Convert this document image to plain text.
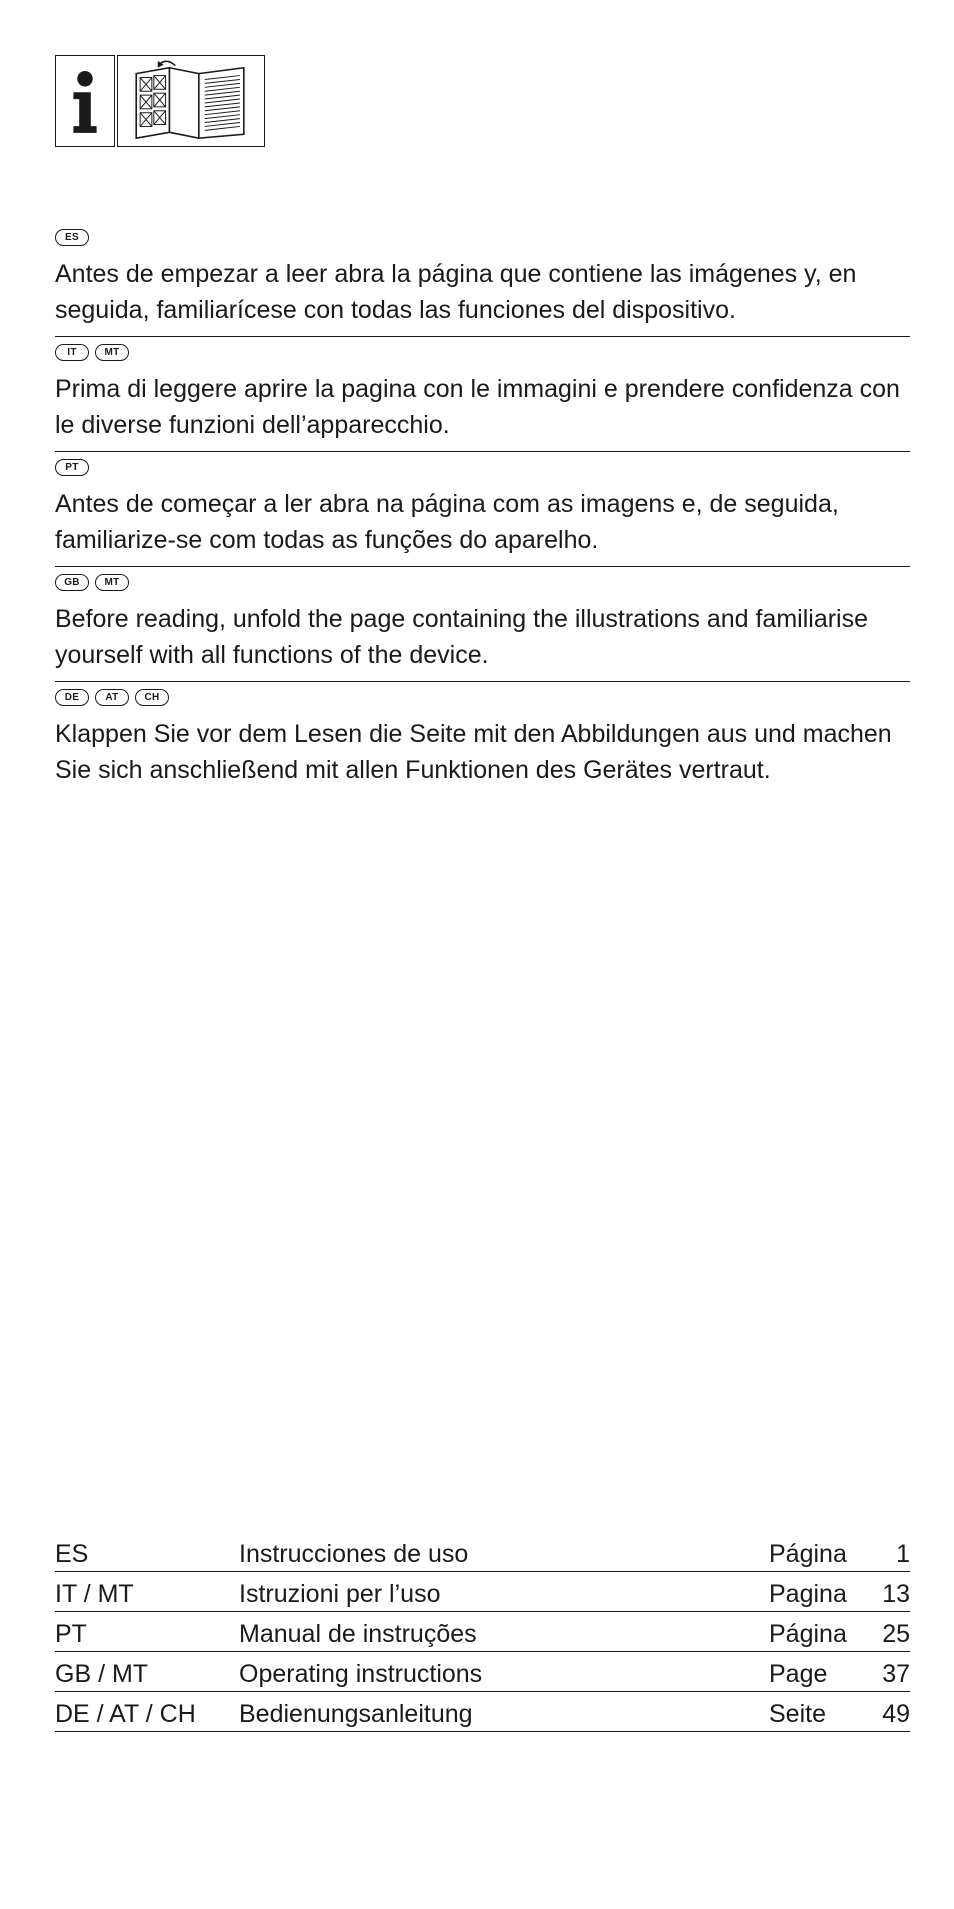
ES

Antes de empezar a leer abra la página que contiene las imágenes y, en seguida, familiarícese con todas las funciones del dispositivo.

IT	MT

Prima di leggere aprire la pagina con le immagini e prendere confidenza con le diverse funzioni dell’apparecchio.

PT

Antes de começar a ler abra na página com as imagens e, de seguida, familiarize-se com todas as funções do aparelho.

GB	MT

Before reading, unfold the page containing the illustrations and familiarise yourself with all functions of the device.

DE	AT	CH

Klappen Sie vor dem Lesen die Seite mit den Abbildungen aus und machen Sie sich anschließend mit allen Funktionen des Gerätes vertraut.

ES	Instrucciones de uso	Página	1
IT / MT	Istruzioni per l’uso	Pagina	13
PT	Manual de instruções	Página	25
GB / MT	Operating instructions	Page	37
DE / AT / CH	Bedienungsanleitung	Seite	49
